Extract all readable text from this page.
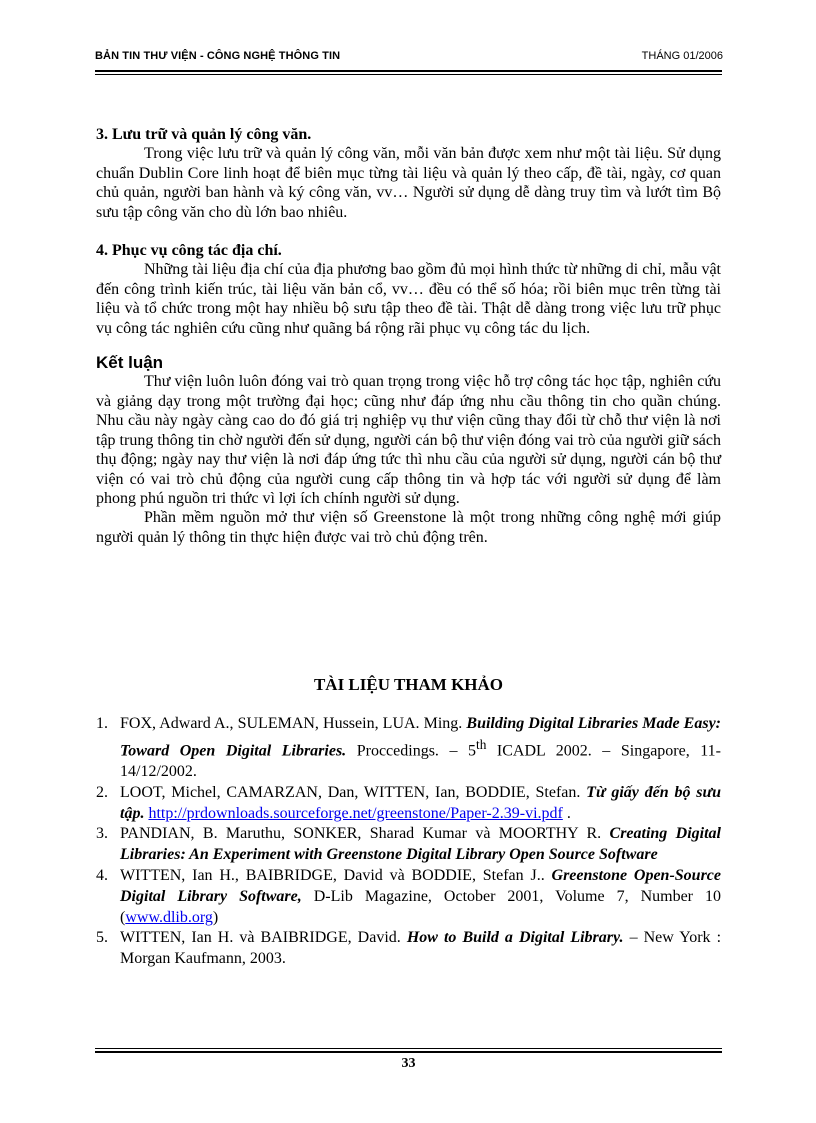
BẢN TIN THƯ VIỆN - CÔNG NGHỆ THÔNG TIN	THÁNG 01/2006

3. Lưu trữ và quản lý công văn.

Trong việc lưu trữ và quản lý công văn, mỗi văn bản được xem như một tài liệu. Sử dụng chuẩn Dublin Core linh hoạt để biên mục từng tài liệu và quản lý theo cấp, đề tài, ngày, cơ quan chủ quản, người ban hành và ký công văn, vv… Người sử dụng dễ dàng truy tìm và lướt tìm Bộ sưu tập công văn cho dù lớn bao nhiêu.

4. Phục vụ công tác địa chí.

Những tài liệu địa chí của địa phương bao gồm đủ mọi hình thức từ những di chỉ, mẫu vật đến công trình kiến trúc, tài liệu văn bản cổ, vv… đều có thể số hóa; rồi biên mục trên từng tài liệu và tổ chức trong một hay nhiều bộ sưu tập theo đề tài. Thật dễ dàng trong việc lưu trữ phục vụ công tác nghiên cứu cũng như quãng bá rộng rãi phục vụ công tác du lịch.

Kết luận

Thư viện luôn luôn đóng vai trò quan trọng trong việc hỗ trợ công tác học tập, nghiên cứu và giảng dạy trong một trường đại học; cũng như đáp ứng nhu cầu thông tin cho quần chúng. Nhu cầu này ngày càng cao do đó giá trị nghiệp vụ thư viện cũng thay đổi từ chỗ thư viện là nơi tập trung thông tin chờ người đến sử dụng, người cán bộ thư viện đóng vai trò của người giữ sách thụ động; ngày nay thư viện là nơi đáp ứng tức thì nhu cầu của người sử dụng, người cán bộ thư viện có vai trò chủ động của người cung cấp thông tin và hợp tác với người sử dụng để làm phong phú nguồn tri thức vì lợi ích chính người sử dụng.

Phần mềm nguồn mở thư viện số Greenstone là một trong những công nghệ mới giúp người quản lý thông tin thực hiện được vai trò chủ động trên.

TÀI LIỆU THAM KHẢO
1. FOX, Adward A., SULEMAN, Hussein, LUA. Ming. Building Digital Libraries Made Easy: Toward Open Digital Libraries. Proccedings. – 5th ICADL 2002. – Singapore, 11-14/12/2002.
2. LOOT, Michel, CAMARZAN, Dan, WITTEN, Ian, BODDIE, Stefan. Từ giấy đến bộ sưu tập. http://prdownloads.sourceforge.net/greenstone/Paper-2.39-vi.pdf .
3. PANDIAN, B. Maruthu, SONKER, Sharad Kumar và MOORTHY R. Creating Digital Libraries: An Experiment with Greenstone Digital Library Open Source Software
4. WITTEN, Ian H., BAIBRIDGE, David và BODDIE, Stefan J.. Greenstone Open-Source Digital Library Software, D-Lib Magazine, October 2001, Volume 7, Number 10 (www.dlib.org)
5. WITTEN, Ian H. và BAIBRIDGE, David. How to Build a Digital Library. – New York : Morgan Kaufmann, 2003.
33
